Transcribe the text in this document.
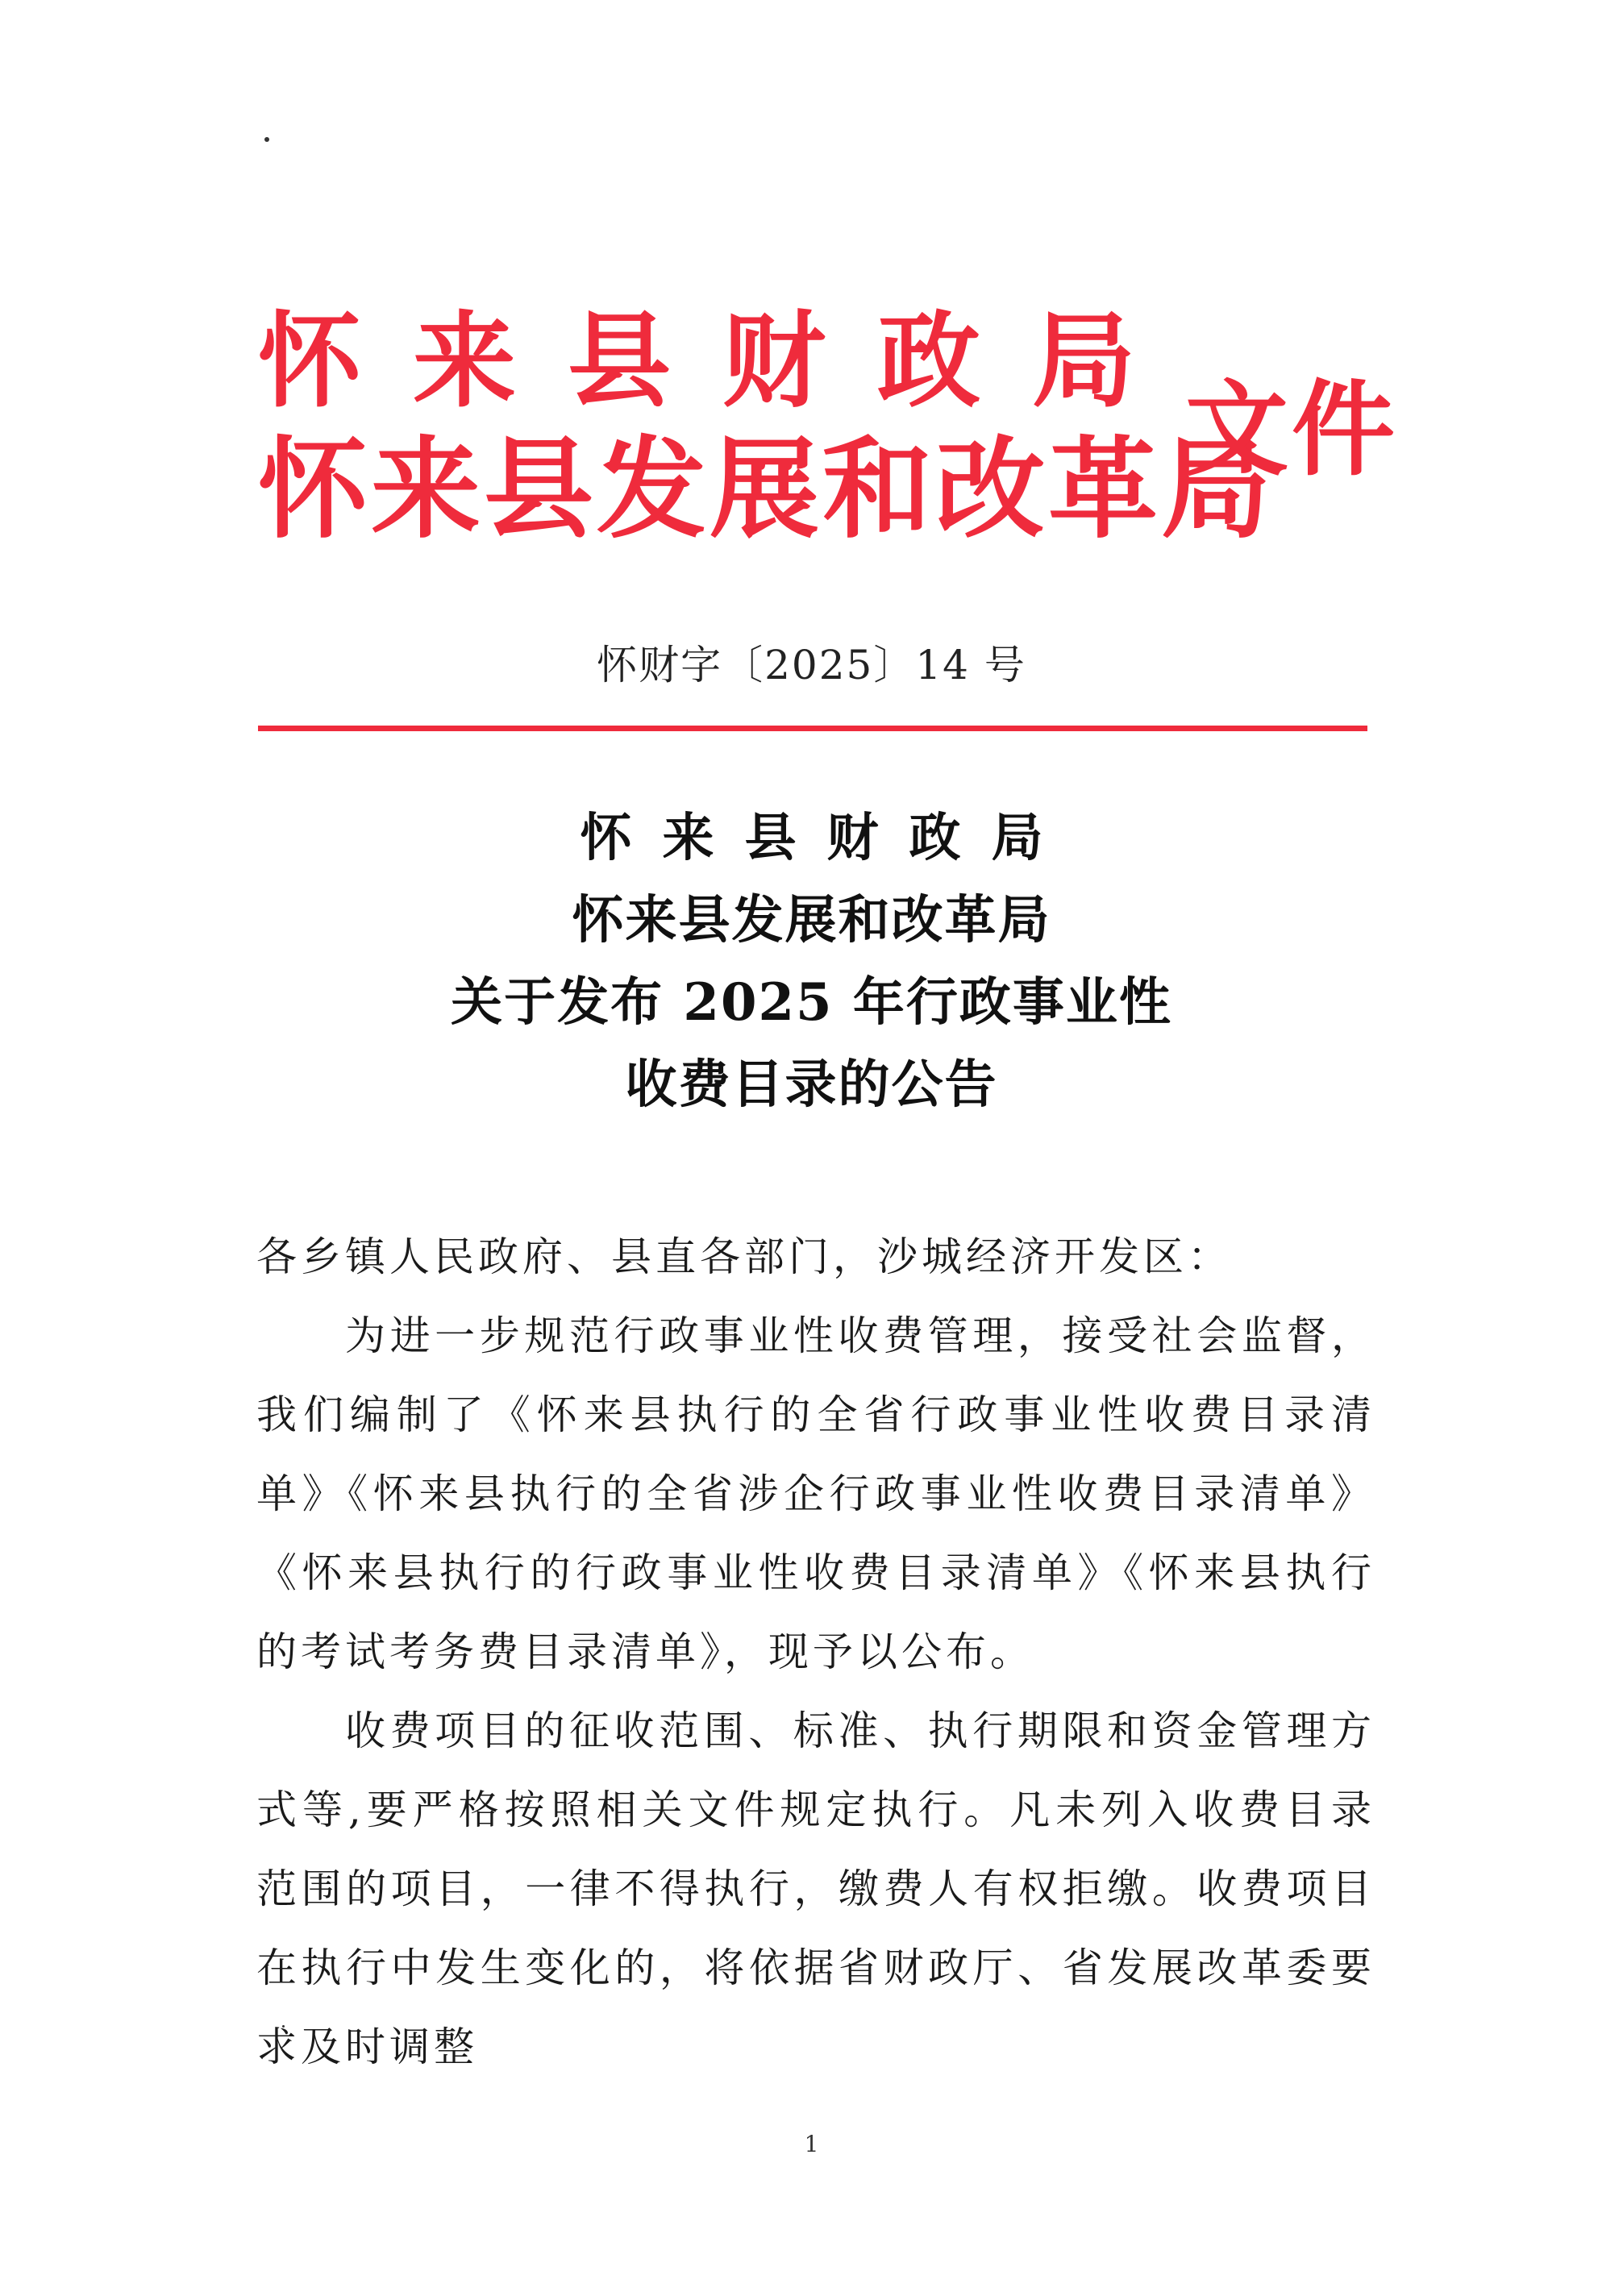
怀来县财政局
怀来县发展和改革局
文件
怀财字〔2025〕14 号
怀来县财政局
怀来县发展和改革局
关于发布 2025 年行政事业性
收费目录的公告
各乡镇人民政府、县直各部门，沙城经济开发区：
为进一步规范行政事业性收费管理，接受社会监督，我们编制了《怀来县执行的全省行政事业性收费目录清单》《怀来县执行的全省涉企行政事业性收费目录清单》《怀来县执行的行政事业性收费目录清单》《怀来县执行的考试考务费目录清单》，现予以公布。
收费项目的征收范围、标准、执行期限和资金管理方式等,要严格按照相关文件规定执行。凡未列入收费目录范围的项目，一律不得执行，缴费人有权拒缴。收费项目在执行中发生变化的，将依据省财政厅、省发展改革委要求及时调整
1
